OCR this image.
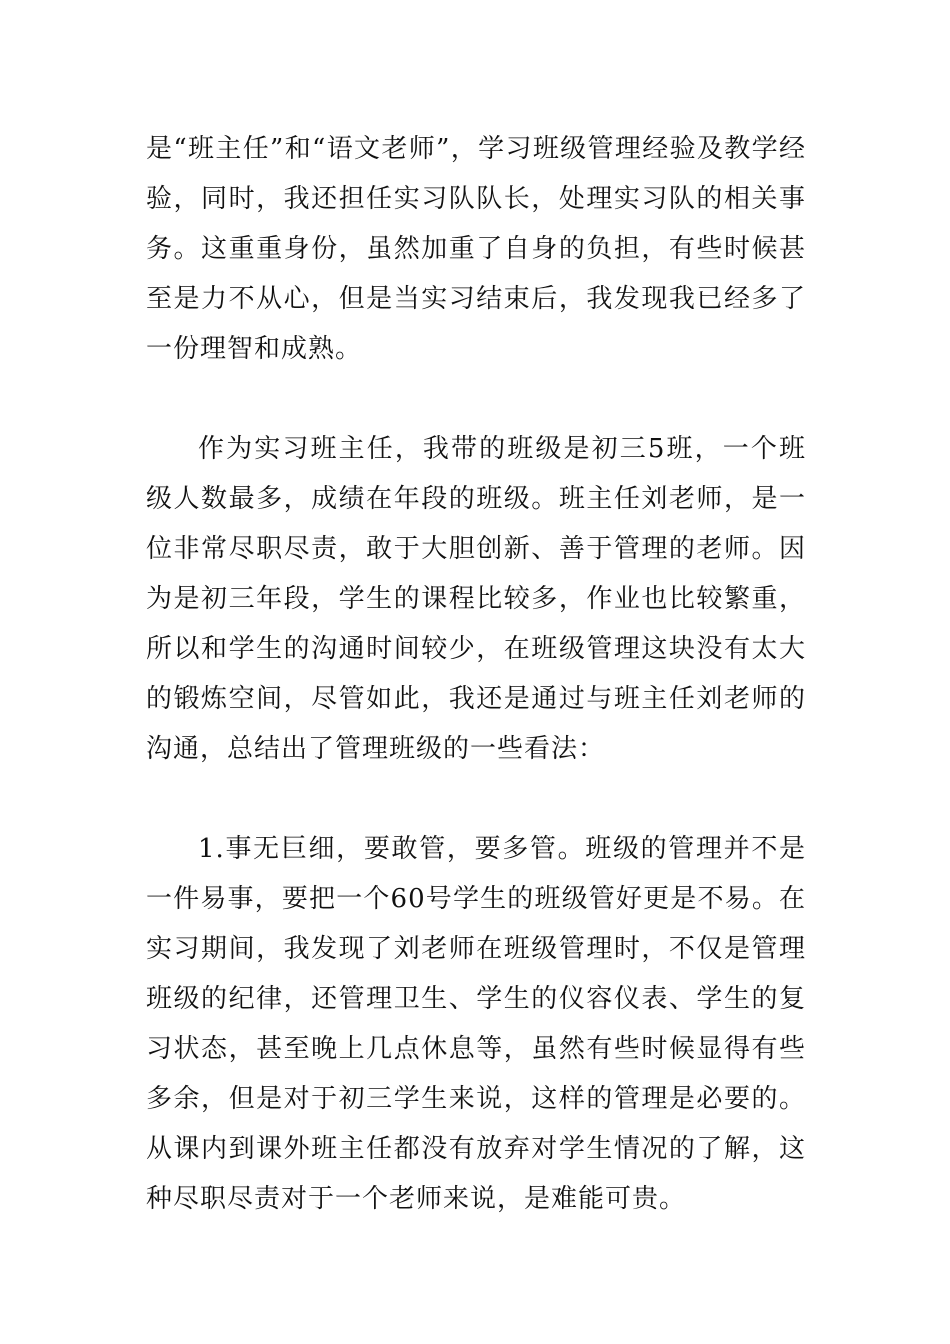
是“班主任”和“语文老师”，学习班级管理经验及教学经验，同时，我还担任实习队队长，处理实习队的相关事务。这重重身份，虽然加重了自身的负担，有些时候甚至是力不从心，但是当实习结束后，我发现我已经多了一份理智和成熟。

作为实习班主任，我带的班级是初三5班，一个班级人数最多，成绩在年段的班级。班主任刘老师，是一位非常尽职尽责，敢于大胆创新、善于管理的老师。因为是初三年段，学生的课程比较多，作业也比较繁重，所以和学生的沟通时间较少，在班级管理这块没有太大的锻炼空间，尽管如此，我还是通过与班主任刘老师的沟通，总结出了管理班级的一些看法：

1.事无巨细，要敢管，要多管。班级的管理并不是一件易事，要把一个60号学生的班级管好更是不易。在实习期间，我发现了刘老师在班级管理时，不仅是管理班级的纪律，还管理卫生、学生的仪容仪表、学生的复习状态，甚至晚上几点休息等，虽然有些时候显得有些多余，但是对于初三学生来说，这样的管理是必要的。从课内到课外班主任都没有放弃对学生情况的了解，这种尽职尽责对于一个老师来说，是难能可贵。
